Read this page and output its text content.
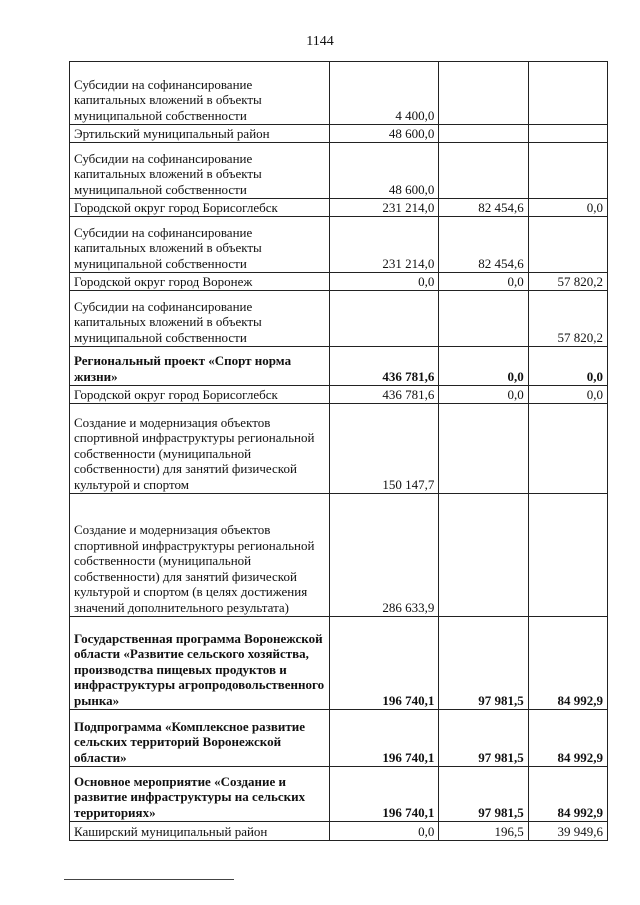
1144
Субсидии на софинансирование капитальных вложений в объекты муниципальной собственности	4 400,0		
Эртильский муниципальный район	48 600,0		
Субсидии на софинансирование капитальных вложений в объекты муниципальной собственности	48 600,0		
Городской округ город Борисоглебск	231 214,0	82 454,6	0,0
Субсидии на софинансирование капитальных вложений в объекты муниципальной собственности	231 214,0	82 454,6	
Городской округ город Воронеж	0,0	0,0	57 820,2
Субсидии на софинансирование капитальных вложений в объекты муниципальной собственности			57 820,2
Региональный проект «Спорт норма жизни»	436 781,6	0,0	0,0
Городской округ город Борисоглебск	436 781,6	0,0	0,0
Создание и модернизация объектов спортивной инфраструктуры региональной собственности (муниципальной собственности) для занятий физической культурой и спортом	150 147,7		
Создание и модернизация объектов спортивной инфраструктуры региональной собственности (муниципальной собственности) для занятий физической культурой и спортом (в целях достижения значений дополнительного результата)	286 633,9		
Государственная программа Воронежской области «Развитие сельского хозяйства, производства пищевых продуктов и инфраструктуры агропродовольственного рынка»	196 740,1	97 981,5	84 992,9
Подпрограмма «Комплексное развитие сельских территорий Воронежской области»	196 740,1	97 981,5	84 992,9
Основное мероприятие «Создание и развитие инфраструктуры на сельских территориях»	196 740,1	97 981,5	84 992,9
Каширский муниципальный район	0,0	196,5	39 949,6
